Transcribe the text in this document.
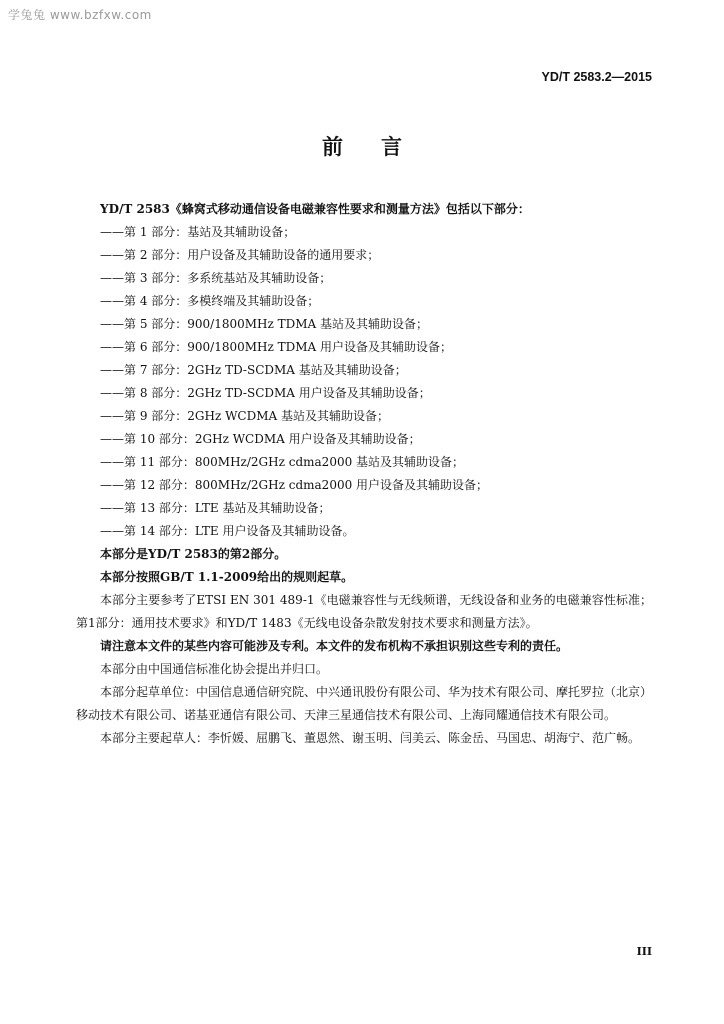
学兔兔 www.bzfxw.com
YD/T 2583.2—2015
前言

YD/T 2583《蜂窝式移动通信设备电磁兼容性要求和测量方法》包括以下部分：

——第 1 部分：基站及其辅助设备；

——第 2 部分：用户设备及其辅助设备的通用要求；

——第 3 部分：多系统基站及其辅助设备；

——第 4 部分：多模终端及其辅助设备；

——第 5 部分：900/1800MHz TDMA 基站及其辅助设备；

——第 6 部分：900/1800MHz TDMA 用户设备及其辅助设备；

——第 7 部分：2GHz TD-SCDMA 基站及其辅助设备；

——第 8 部分：2GHz TD-SCDMA 用户设备及其辅助设备；

——第 9 部分：2GHz WCDMA 基站及其辅助设备；

——第 10 部分：2GHz WCDMA 用户设备及其辅助设备；

——第 11 部分：800MHz/2GHz cdma2000 基站及其辅助设备；

——第 12 部分：800MHz/2GHz cdma2000 用户设备及其辅助设备；

——第 13 部分：LTE 基站及其辅助设备；

——第 14 部分：LTE 用户设备及其辅助设备。

本部分是YD/T 2583的第2部分。

本部分按照GB/T 1.1-2009给出的规则起草。

本部分主要参考了ETSI EN 301 489-1《电磁兼容性与无线频谱，无线设备和业务的电磁兼容性标准；第1部分：通用技术要求》和YD/T 1483《无线电设备杂散发射技术要求和测量方法》。

请注意本文件的某些内容可能涉及专利。本文件的发布机构不承担识别这些专利的责任。

本部分由中国通信标准化协会提出并归口。

本部分起草单位：中国信息通信研究院、中兴通讯股份有限公司、华为技术有限公司、摩托罗拉（北京）移动技术有限公司、诺基亚通信有限公司、天津三星通信技术有限公司、上海同耀通信技术有限公司。

本部分主要起草人：李忻媛、屈鹏飞、董恩然、谢玉明、闫美云、陈金岳、马国忠、胡海宁、范广畅。

III
